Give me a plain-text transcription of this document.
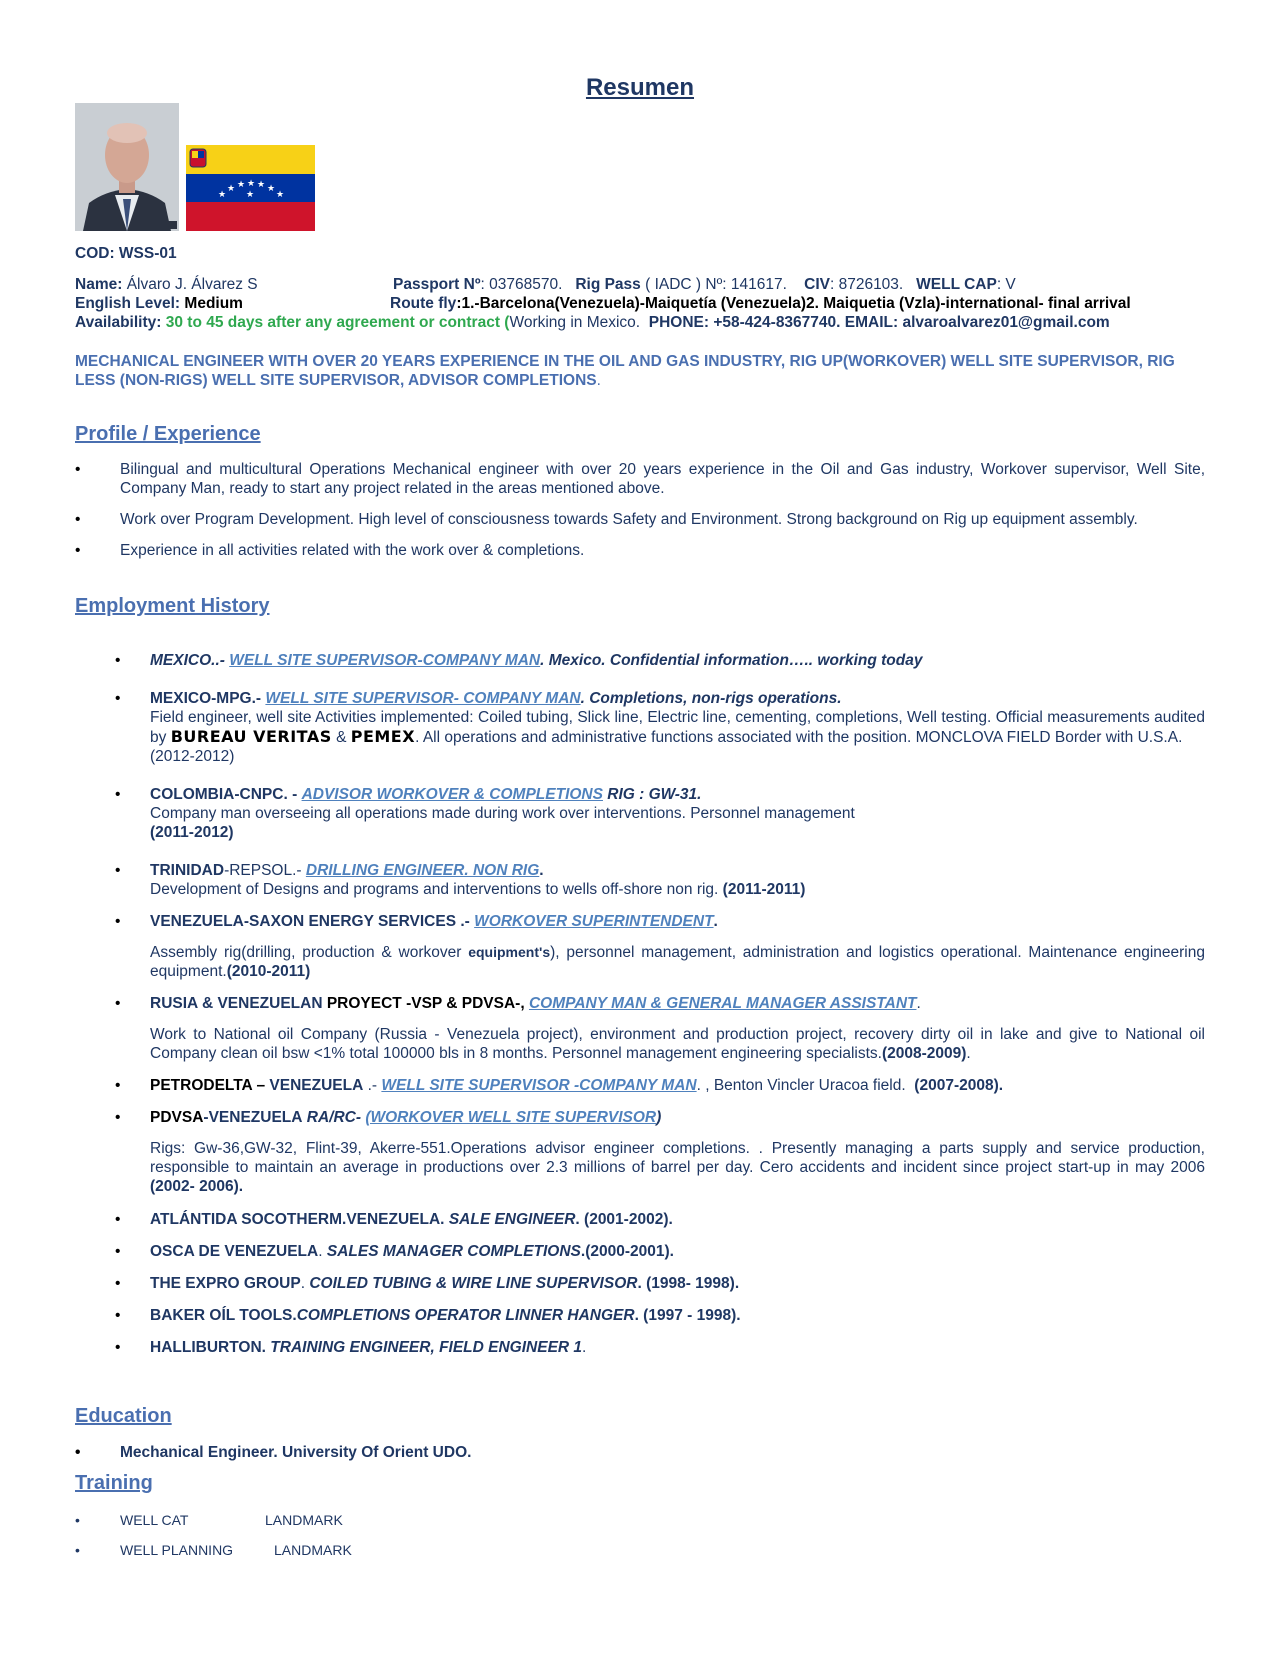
Resumen
★
★ ★ ★ ★ ★
★
★
COD: WSS-01
Name: Álvaro J. Álvarez S	Passport Nº: 03768570. Rig Pass ( IADC ) Nº: 141617. CIV: 8726103. WELL CAP: V
English Level: Medium	Route fly:1.-Barcelona(Venezuela)-Maiquetía (Venezuela)2. Maiquetia (Vzla)-international- final arrival
Availability: 30 to 45 days after any agreement or contract (Working in Mexico. PHONE: +58-424-8367740. EMAIL: alvaroalvarez01@gmail.com
MECHANICAL ENGINEER WITH OVER 20 YEARS EXPERIENCE IN THE OIL AND GAS INDUSTRY, RIG UP(WORKOVER) WELL SITE SUPERVISOR, RIG LESS (NON-RIGS) WELL SITE SUPERVISOR, ADVISOR COMPLETIONS.
Profile / Experience

• Bilingual and multicultural Operations Mechanical engineer with over 20 years experience in the Oil and Gas industry, Workover supervisor, Well Site, Company Man, ready to start any project related in the areas mentioned above.

• Work over Program Development. High level of consciousness towards Safety and Environment. Strong background on Rig up equipment assembly.

• Experience in all activities related with the work over & completions.

Employment History
• MEXICO..- WELL SITE SUPERVISOR-COMPANY MAN. Mexico. Confidential information….. working today
• MEXICO-MPG.- WELL SITE SUPERVISOR- COMPANY MAN. Completions, non-rigs operations.
Field engineer, well site Activities implemented: Coiled tubing, Slick line, Electric line, cementing, completions, Well testing. Official measurements audited by BUREAU VERITAS & PEMEX. All operations and administrative functions associated with the position. MONCLOVA FIELD Border with U.S.A.
(2012-2012)
• COLOMBIA-CNPC. - ADVISOR WORKOVER & COMPLETIONS RIG : GW-31.
Company man overseeing all operations made during work over interventions. Personnel management
(2011-2012)
• TRINIDAD-REPSOL.- DRILLING ENGINEER. NON RIG.
Development of Designs and programs and interventions to wells off-shore non rig. (2011-2011)
• VENEZUELA-SAXON ENERGY SERVICES .- WORKOVER SUPERINTENDENT.
Assembly rig(drilling, production & workover equipment's), personnel management, administration and logistics operational. Maintenance engineering equipment.(2010-2011)
• RUSIA & VENEZUELAN PROYECT -VSP & PDVSA-, COMPANY MAN & GENERAL MANAGER ASSISTANT.
Work to National oil Company (Russia - Venezuela project), environment and production project, recovery dirty oil in lake and give to National oil Company clean oil bsw <1% total 100000 bls in 8 months. Personnel management engineering specialists.(2008-2009).
• PETRODELTA – VENEZUELA .- WELL SITE SUPERVISOR -COMPANY MAN. , Benton Vincler Uracoa field. (2007-2008).
• PDVSA-VENEZUELA RA/RC- (WORKOVER WELL SITE SUPERVISOR)
Rigs: Gw-36,GW-32, Flint-39, Akerre-551.Operations advisor engineer completions. . Presently managing a parts supply and service production, responsible to maintain an average in productions over 2.3 millions of barrel per day. Cero accidents and incident since project start-up in may 2006 (2002- 2006).
• ATLÁNTIDA SOCOTHERM.VENEZUELA. SALE ENGINEER. (2001-2002).
• OSCA DE VENEZUELA. SALES MANAGER COMPLETIONS.(2000-2001).
• THE EXPRO GROUP. COILED TUBING & WIRE LINE SUPERVISOR. (1998- 1998).
• BAKER OÍL TOOLS.COMPLETIONS OPERATOR LINNER HANGER. (1997 - 1998).
• HALLIBURTON. TRAINING ENGINEER, FIELD ENGINEER 1.
Education

• Mechanical Engineer. University Of Orient UDO.

Training
•	WELL CAT	LANDMARK
•	WELL PLANNING	LANDMARK
